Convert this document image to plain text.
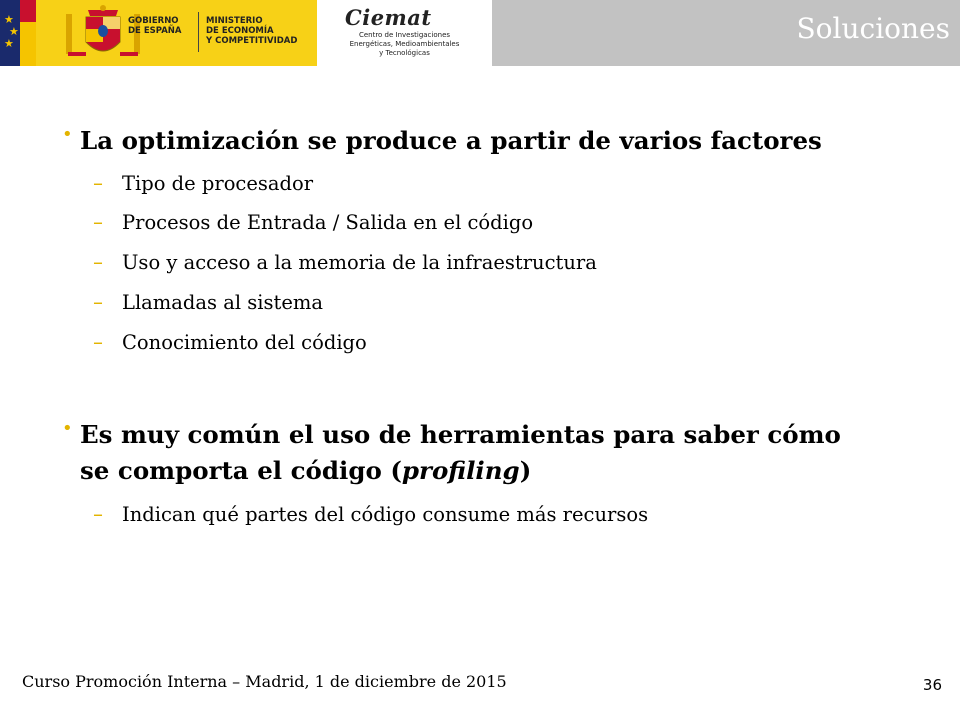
★
★
★
GOBIERNO
DE ESPAÑA
MINISTERIO
DE ECONOMÍA
Y COMPETITIVIDAD
Ciemat
Centro de Investigaciones
Energéticas, Medioambientales
y Tecnológicas
Soluciones
• La optimización se produce a partir de varios factores
– Tipo de procesador
– Procesos de Entrada / Salida en el código
– Uso y acceso a la memoria de la infraestructura
– Llamadas al sistema
– Conocimiento del código
• Es muy común el uso de herramientas para saber cómo
se comporta el código (profiling)
– Indican qué partes del código consume más recursos
Curso Promoción Interna – Madrid, 1 de diciembre de 2015	36
